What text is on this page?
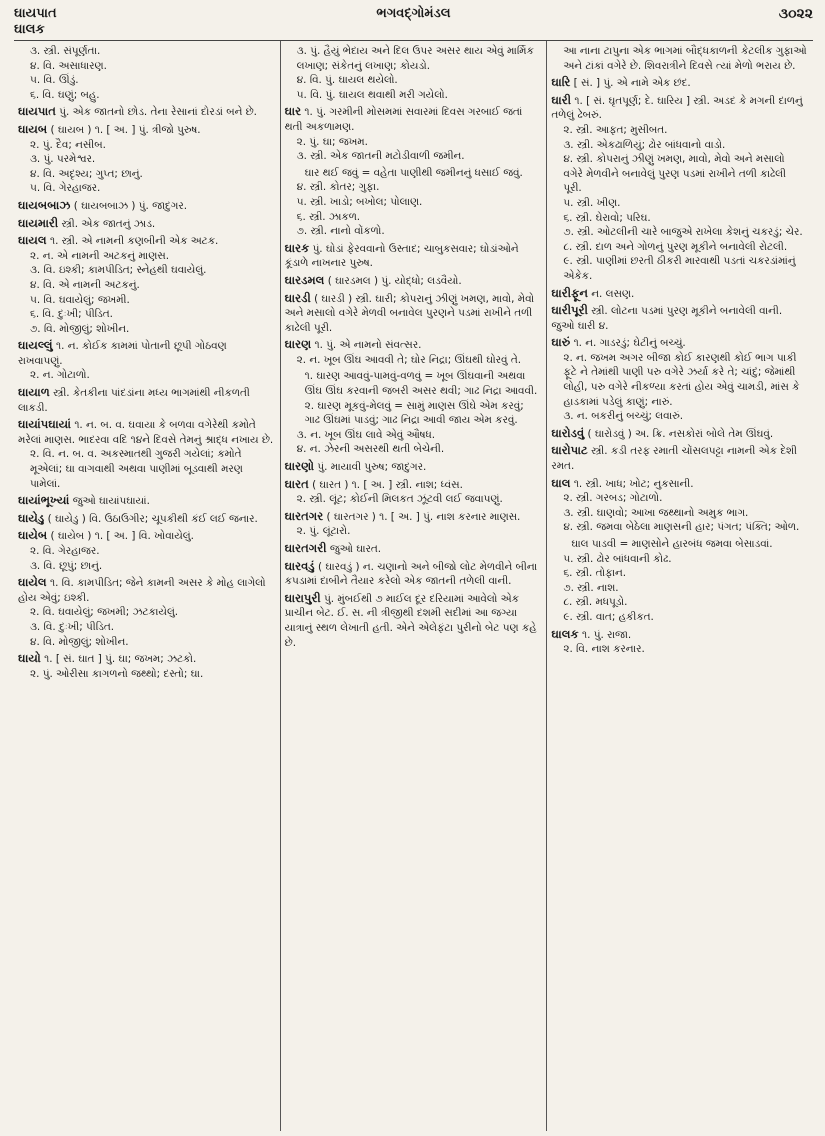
ઘાયપાત
ઘાલક
ભગવદ્ગોમંડલ	૩૦૨૨
૩. સ્ત્રી. સંપૂર્ણતા.
૪. વિ. અસાધારણ.
૫. વિ. ઊંડું.
૬. વિ. ઘણું; બહુ.
ઘાયપાત પું. એક જાતનો છોડ. તેના રેસાનાં દોરડાં બને છે.
ઘાયબ ( ઘાયબ ) ૧. [ અ. ] પું. ત્રીજો પુરુષ.
૨. પું. દૈવ; નસીબ.
૩. પું. પરમેશ્વર.
૪. વિ. અદૃશ્ય; ગુપ્ત; છાનું.
૫. વિ. ગેરહાજર.
ઘાયબબાઝ ( ઘાયબબાઝ ) પું. જાદુગર.
ઘાયમારી સ્ત્રી. એક જાતનું ઝાડ.
ઘાયલ ૧. સ્ત્રી. એ નામની કણબીની એક અટક.
૨. ન. એ નામની અટકનું માણસ.
૩. વિ. ઇશ્કી; કામપીડિત; સ્નેહથી ઘવાયેલું.
૪. વિ. એ નામની અટકનું.
૫. વિ. ઘવાયેલું; જખમી.
૬. વિ. દુઃખી; પીડિત.
૭. વિ. મોજીલું; શોખીન.
ઘાયલ્લું ૧. ન. કોઈક કામમાં પોતાની છૂપી ગોઠવણ રાખવાપણું.
૨. ન. ગોટાળો.
ઘાયાળ સ્ત્રી. કેતકીના પાંદડાંના મધ્ય ભાગમાંથી નીકળતી લાકડી.
ઘાયાંપઘાયાં ૧. ન. બ. વ. ઘવાયા કે બળવા વગેરેથી કમોતે મરેલાં માણસ. ભાદરવા વદિ ૧૪ને દિવસે તેમનું શ્રાદ્ધ નખાય છે.
૨. વિ. ન. બ. વ. અકસ્માતથી ગુજરી ગયેલાં; કમોતે મૂએલાં; ઘા વાગવાથી અથવા પાણીમાં બૂડવાથી મરણ પામેલાં.
ઘાયાંભૂખ્યાં જુઓ ઘાયાંપઘાયાં.
ઘાયેડુ ( ઘાયેડુ ) વિ. ઉઠાઉગીર; ચૂપકીથી કંઈ લઈ જનાર.
ઘાયેબ ( ઘાયેબ ) ૧. [ અ. ] વિ. ખોવાયેલું.
૨. વિ. ગેરહાજર.
૩. વિ. છૂપું; છાનું.
ઘાયેલ ૧. વિ. કામપીડિત; જેને કામની અસર કે મોહ લાગેલો હોય એવું; ઇશ્કી.
૨. વિ. ઘવાયેલું; જખમી; ઝટકાયેલું.
૩. વિ. દુઃખી; પીડિત.
૪. વિ. મોજીલું; શોખીન.
ઘાયો ૧. [ સં. ઘાત ] પું. ઘા; જખમ; ઝટકો.
૨. પું. ઓરીસા કાગળનો જથ્થો; દસ્તો; ઘા.
૩. પું. હૈયું ભેદાય અને દિલ ઉપર અસર થાય એવું માર્મિક લખાણ; સંકેતનું લખાણ; કોયડો.
૪. વિ. પું. ઘાયલ થયેલો.
૫. વિ. પું. ઘાયલ થવાથી મરી ગયેલો.
ઘાર ૧. પું. ગરમીની મોસમમાં સવારમાં દિવસ ગરબાઈ જતાં થતી અકળામણ.
૨. પું. ઘા; જખમ.
૩. સ્ત્રી. એક જાતની મટોડીવાળી જમીન.
ઘાર થઈ જવું = વહેતા પાણીથી જમીનનું ધસાઈ જવું.
૪. સ્ત્રી. કોતર; ગુફા.
૫. સ્ત્રી. ખાડો; બખોલ; પોલાણ.
૬. સ્ત્રી. ઝાકળ.
૭. સ્ત્રી. નાનો વોંકળો.
ઘારક પું. ઘોડાં ફેરવવાનો ઉસ્તાદ; ચાબુકસવાર; ઘોડાંઓને કૂંડાળે નાખનાર પુરુષ.
ઘારડમલ ( ઘારડમલ ) પું. યોદ્ધો; લડવૈયો.
ઘારડી ( ઘારડી ) સ્ત્રી. ઘારી; કોપરાનું ઝીણું ખમણ, માવો, મેવો અને મસાલો વગેરે મેળવી બનાવેલ પુરણને પડમાં રાખીને તળી કાઢેલી પૂરી.
ઘારણ ૧. પું. એ નામનો સંવત્સર.
૨. ન. ખૂબ ઊંઘ આવવી તે; ઘોર નિદ્રા; ઊંઘથી ઘોરવું તે.
૧. ઘારણ આવવું-પામવું-વળવું = ખૂબ ઊંઘવાની અથવા ઊંઘ ઊંઘ કરવાની જબરી અસર થવી; ગાઢ નિદ્રા આવવી.
૨. ઘારણ મૂકવું-મેલવું = સામું માણસ ઊંઘે એમ કરવું; ગાઢ ઊંઘમાં પાડવું; ગાઢ નિદ્રા આવી જાય એમ કરવું.
૩. ન. ખૂબ ઊંઘ લાવે એવું ઔષધ.
૪. ન. ઝેરની અસરથી થતી બેચેની.
ઘારણો પું. માયાવી પુરુષ; જાદુગર.
ઘારત ( ઘારત ) ૧. [ અ. ] સ્ત્રી. નાશ; ધ્વંસ.
૨. સ્ત્રી. લૂંટ; કોઈની મિલકત ઝૂંટવી લઈ જવાપણું.
ઘારતગર ( ઘારતગર ) ૧. [ અ. ] પું. નાશ કરનાર માણસ.
૨. પું. લૂંટારો.
ઘારતગરી જુઓ ઘારત.
ઘારવડું ( ઘારવડું ) ન. ચણાનો અને બીજો લોટ મેળવીને બીના કપડામાં દાબીને તૈયાર કરેલો એક જાતની તળેલી વાની.
ઘારાપુરી પું. મુંબઈથી ૭ માઈલ દૂર દરિયામાં આવેલો એક પ્રાચીન બેટ. ઈ. સ. ની ત્રીજીથી દશમી સદીમાં આ જગ્યા યાત્રાનું સ્થળ લેખાતી હતી. એને એલેફંટા પુરીનો બેટ પણ કહે છે.
આ નાના ટાપુના એક ભાગમાં બૌદ્ધકાળની કેટલીક ગુફાઓ અને ટાંકાં વગેરે છે. શિવરાત્રીને દિવસે ત્યાં મેળો ભરાય છે.
ઘારિ [ સં. ] પું. એ નામે એક છંદ.
ઘારી ૧. [ સં. ઘૃતપૂર્ણ; દે. ઘારિય ] સ્ત્રી. અડદ કે મગની દાળનું તળેલું ઢેબરું.
૨. સ્ત્રી. આફત; મુસીબત.
૩. સ્ત્રી. એકઢાળિયું; ઢોર બાંધવાનો વાડો.
૪. સ્ત્રી. કોપરાનું ઝીણું ખમણ, માવો, મેવો અને મસાલો વગેરે મેળવીને બનાવેલું પુરણ પડમાં રાખીને તળી કાઢેલી પૂરી.
૫. સ્ત્રી. ખીણ.
૬. સ્ત્રી. ઘેરાવો; પરિઘ.
૭. સ્ત્રી. ઓટલીની ચારે બાજુએ રાખેલા કેશનું ચકરડું; ચેર.
૮. સ્ત્રી. દાળ અને ગોળનું પુરણ મૂકીને બનાવેલી રોટલી.
૯. સ્ત્રી. પાણીમાં છરતી ઠીકરી મારવાથી પડતાં ચકરડાંમાંનું એકેક.
ઘારીફૂન ન. લસણ.
ઘારીપૂરી સ્ત્રી. લોટના પડમાં પુરણ મૂકીને બનાવેલી વાની. જુઓ ઘારી ૪.
ઘારું ૧. ન. ગાડરડું; ઘેટીનું બચ્ચું.
૨. ન. જખમ અગર બીજા કોઈ કારણથી કોઈ ભાગ પાકી ફૂટે ને તેમાંથી પાણી પરુ વગેરે ઝર્યા કરે તે; ચાંદું; જેમાંથી લોહી, પરુ વગેરે નીકળ્યા કરતાં હોય એવું ચામડી, માંસ કે હાડકામાં પડેલું કાણું; નારું.
૩. ન. બકરીનું બચ્ચું; લવારું.
ઘારોડવું ( ઘારોડવું ) અ. ક્રિ. નસકોરાં બોલે તેમ ઊંઘવું.
ઘારોપાટ સ્ત્રી. કડી તરફ રમાતી ચોંસલપટ્ટા નામની એક દેશી રમત.
ઘાલ ૧. સ્ત્રી. ખાધ; ખોટ; નુકસાની.
૨. સ્ત્રી. ગરબડ; ગોટાળો.
૩. સ્ત્રી. ઘાણવો; આખા જથ્થાનો અમુક ભાગ.
૪. સ્ત્રી. જમવા બેઠેલા માણસની હાર; પંગત; પંક્તિ; ઓળ.
ઘાલ પાડવી = માણસોને હારબંધ જમવા બેસાડવાં.
૫. સ્ત્રી. ઢોર બાંધવાની કોઢ.
૬. સ્ત્રી. તોફાન.
૭. સ્ત્રી. નાશ.
૮. સ્ત્રી. મધપૂડો.
૯. સ્ત્રી. વાત; હકીકત.
ઘાલક ૧. પું. રાજા.
૨. વિ. નાશ કરનાર.
